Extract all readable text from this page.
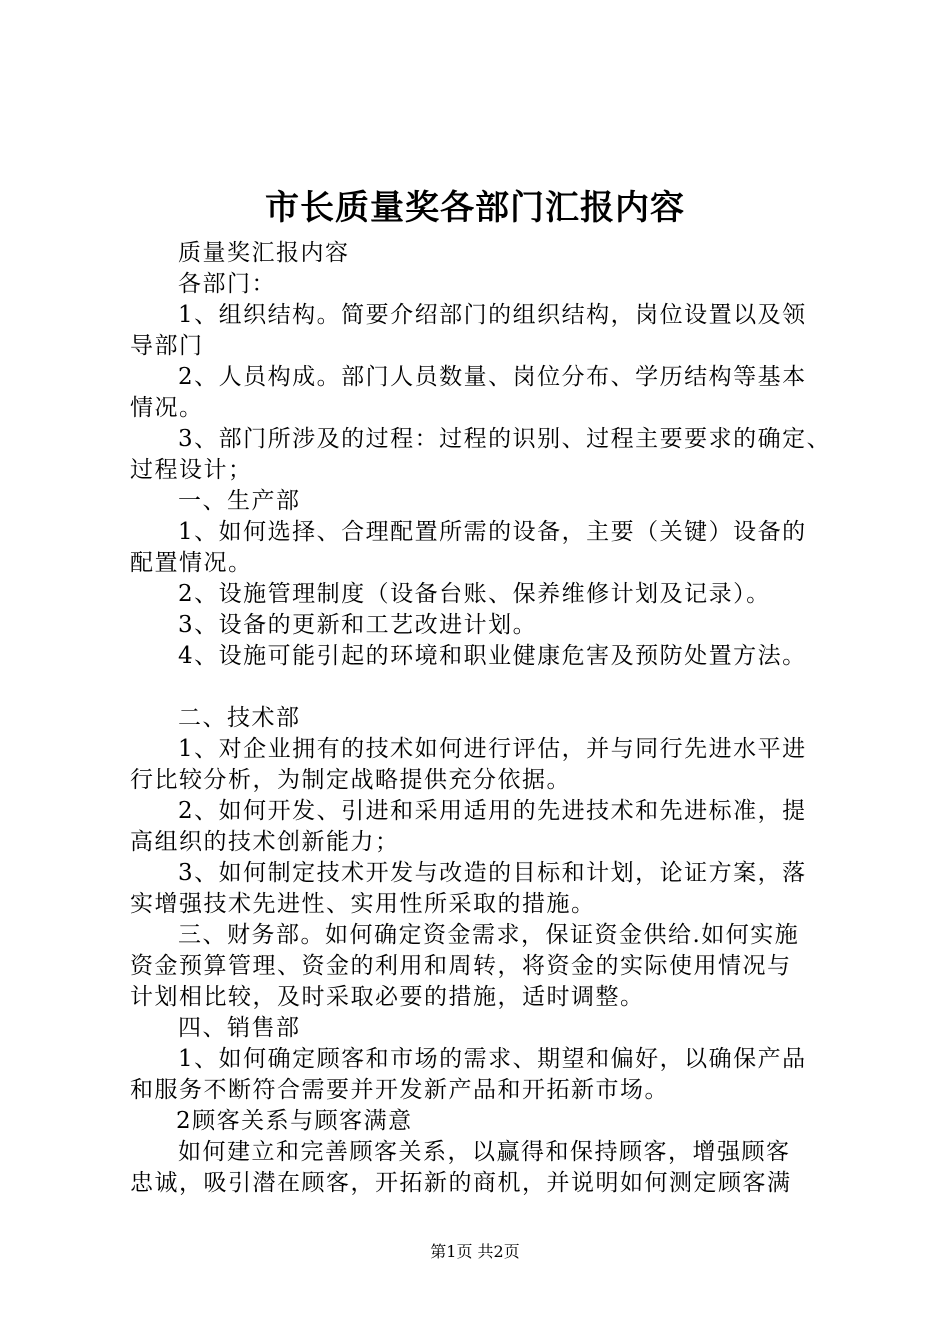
市长质量奖各部门汇报内容

质量奖汇报内容

各部门：

1、组织结构。简要介绍部门的组织结构，岗位设置以及领

导部门

2、人员构成。部门人员数量、岗位分布、学历结构等基本

情况。

3、部门所涉及的过程：过程的识别、过程主要要求的确定、

过程设计；

一、生产部

1、如何选择、合理配置所需的设备，主要（关键）设备的

配置情况。

2、设施管理制度（设备台账、保养维修计划及记录）。

3、设备的更新和工艺改进计划。

4、设施可能引起的环境和职业健康危害及预防处置方法。

二、技术部

1、对企业拥有的技术如何进行评估，并与同行先进水平进

行比较分析，为制定战略提供充分依据。

2、如何开发、引进和采用适用的先进技术和先进标准，提

高组织的技术创新能力；

3、如何制定技术开发与改造的目标和计划，论证方案，落

实增强技术先进性、实用性所采取的措施。

三、财务部。如何确定资金需求，保证资金供给.如何实施

资金预算管理、资金的利用和周转，将资金的实际使用情况与

计划相比较，及时采取必要的措施，适时调整。

四、销售部

1、如何确定顾客和市场的需求、期望和偏好，以确保产品

和服务不断符合需要并开发新产品和开拓新市场。

2顾客关系与顾客满意

如何建立和完善顾客关系，以赢得和保持顾客，增强顾客

忠诚，吸引潜在顾客，开拓新的商机，并说明如何测定顾客满

第1页 共2页
